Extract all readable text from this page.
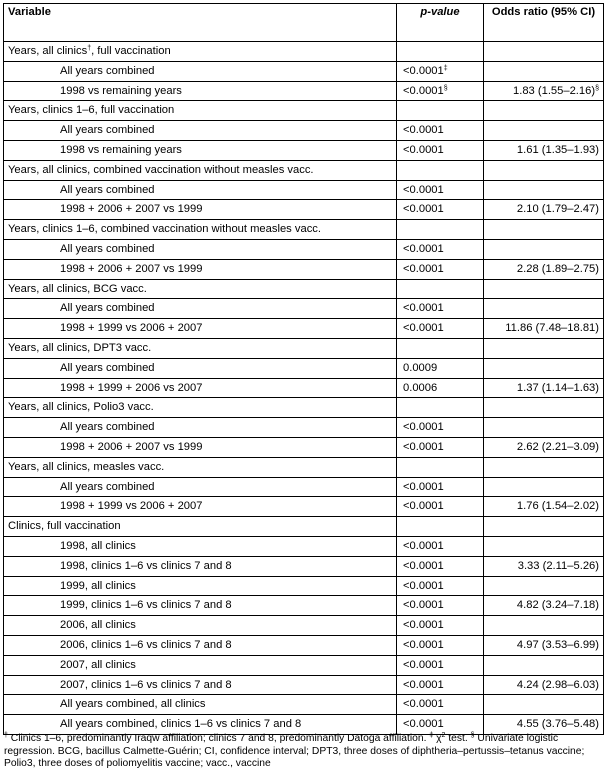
Variable	p-value	Odds ratio (95% CI)
Years, all clinics†, full vaccination		
All years combined	<0.0001‡	
1998 vs remaining years	<0.0001§	1.83 (1.55–2.16)§
Years, clinics 1–6, full vaccination		
All years combined	<0.0001	
1998 vs remaining years	<0.0001	1.61 (1.35–1.93)
Years, all clinics, combined vaccination without measles vacc.		
All years combined	<0.0001	
1998 + 2006 + 2007 vs 1999	<0.0001	2.10 (1.79–2.47)
Years, clinics 1–6, combined vaccination without measles vacc.		
All years combined	<0.0001	
1998 + 2006 + 2007 vs 1999	<0.0001	2.28 (1.89–2.75)
Years, all clinics, BCG vacc.		
All years combined	<0.0001	
1998 + 1999 vs 2006 + 2007	<0.0001	11.86 (7.48–18.81)
Years, all clinics, DPT3 vacc.		
All years combined	0.0009	
1998 + 1999 + 2006 vs 2007	0.0006	1.37 (1.14–1.63)
Years, all clinics, Polio3 vacc.		
All years combined	<0.0001	
1998 + 2006 + 2007 vs 1999	<0.0001	2.62 (2.21–3.09)
Years, all clinics, measles vacc.		
All years combined	<0.0001	
1998 + 1999 vs 2006 + 2007	<0.0001	1.76 (1.54–2.02)
Clinics, full vaccination		
1998, all clinics	<0.0001	
1998, clinics 1–6 vs clinics 7 and 8	<0.0001	3.33 (2.11–5.26)
1999, all clinics	<0.0001	
1999, clinics 1–6 vs clinics 7 and 8	<0.0001	4.82 (3.24–7.18)
2006, all clinics	<0.0001	
2006, clinics 1–6 vs clinics 7 and 8	<0.0001	4.97 (3.53–6.99)
2007, all clinics	<0.0001	
2007, clinics 1–6 vs clinics 7 and 8	<0.0001	4.24 (2.98–6.03)
All years combined, all clinics	<0.0001	
All years combined, clinics 1–6 vs clinics 7 and 8	<0.0001	4.55 (3.76–5.48)
† Clinics 1–6, predominantly Iraqw affiliation; clinics 7 and 8, predominantly Datoga affiliation. ‡ $\chi^2$ test. § Univariate logistic regression. BCG, bacillus Calmette-Guérin; CI, confidence interval; DPT3, three doses of diphtheria–pertussis–tetanus vaccine; Polio3, three doses of poliomyelitis vaccine; vacc., vaccine
